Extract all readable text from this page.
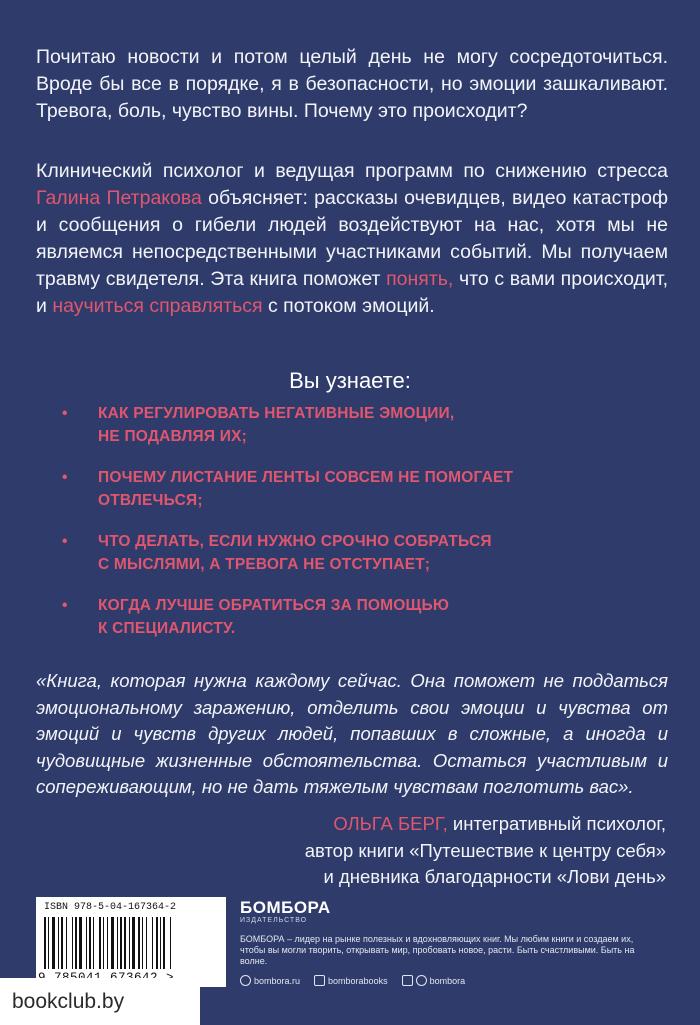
Почитаю новости и потом целый день не могу сосредоточиться. Вроде бы все в порядке, я в безопасности, но эмоции зашкаливают. Тревога, боль, чувство вины. Почему это происходит?

Клинический психолог и ведущая программ по снижению стресса Галина Петракова объясняет: рассказы очевидцев, видео катастроф и сообщения о гибели людей воздействуют на нас, хотя мы не являемся непосредственными участниками событий. Мы получаем травму свидетеля. Эта книга поможет понять, что с вами происходит, и научиться справляться с потоком эмоций.

Вы узнаете:
• КАК РЕГУЛИРОВАТЬ НЕГАТИВНЫЕ ЭМОЦИИ,
НЕ ПОДАВЛЯЯ ИХ;
• ПОЧЕМУ ЛИСТАНИЕ ЛЕНТЫ СОВСЕМ НЕ ПОМОГАЕТ
ОТВЛЕЧЬСЯ;
• ЧТО ДЕЛАТЬ, ЕСЛИ НУЖНО СРОЧНО СОБРАТЬСЯ
С МЫСЛЯМИ, А ТРЕВОГА НЕ ОТСТУПАЕТ;
• КОГДА ЛУЧШЕ ОБРАТИТЬСЯ ЗА ПОМОЩЬЮ
К СПЕЦИАЛИСТУ.

«Книга, которая нужна каждому сейчас. Она поможет не поддаться эмоциональному заражению, отделить свои эмоции и чувства от эмоций и чувств других людей, попавших в сложные, а иногда и чудовищные жизненные обстоятельства. Остаться участливым и сопереживающим, но не дать тяжелым чувствам поглотить вас».

ОЛЬГА БЕРГ, интегративный психолог,
автор книги «Путешествие к центру себя»
и дневника благодарности «Лови день»
ISBN 978-5-04-167364-2	БОМБОРА
ИЗДАТЕЛЬСТВО
БОМБОРА – лидер на рынке полезных и вдохновляющих книг. Мы любим книги и создаем их, чтобы вы могли творить, открывать мир, пробовать новое, расти. Быть счастливыми. Быть на волне.
bombora.ru	bomborabooks	bombora
bookclub.by
